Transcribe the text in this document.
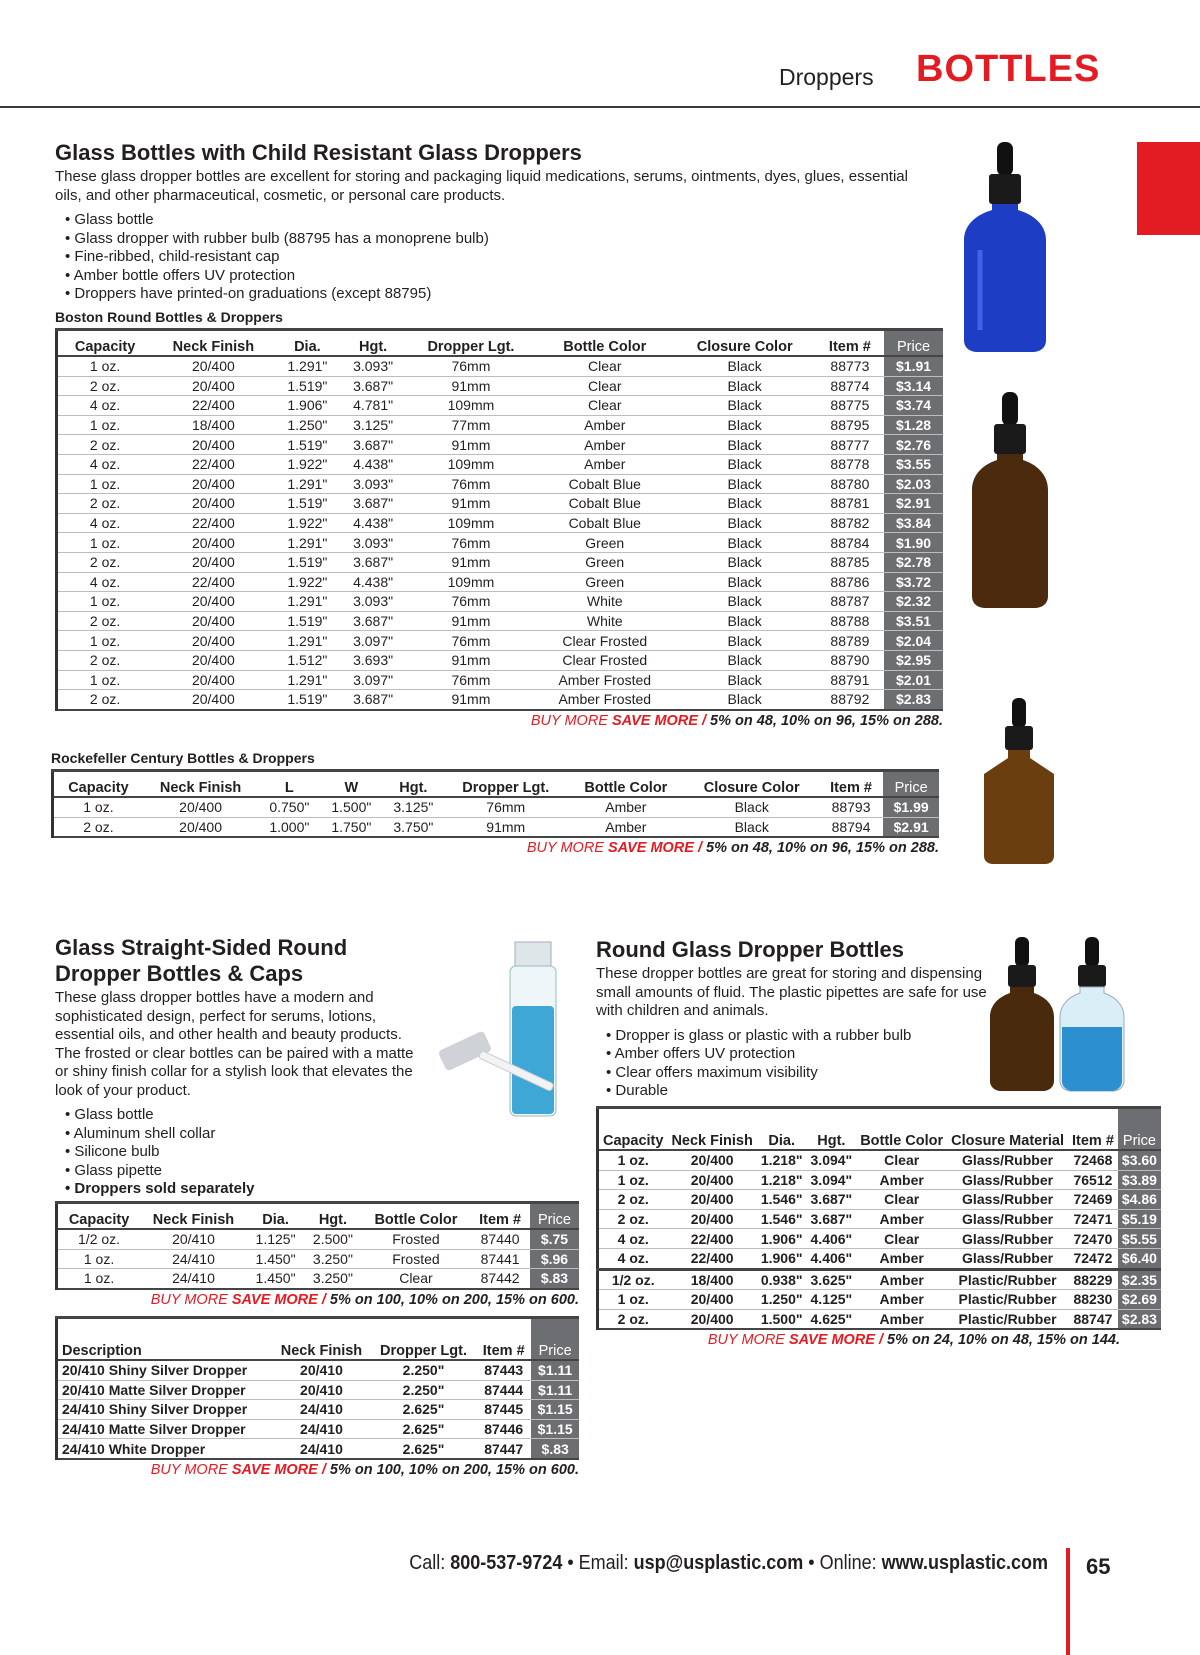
Droppers BOTTLES
Glass Bottles with Child Resistant Glass Droppers

These glass dropper bottles are excellent for storing and packaging liquid medications, serums, ointments, dyes, glues, essential oils, and other pharmaceutical, cosmetic, or personal care products.

• Glass bottle
• Glass dropper with rubber bulb (88795 has a monoprene bulb)
• Fine-ribbed, child-resistant cap
• Amber bottle offers UV protection
• Droppers have printed-on graduations (except 88795)
Boston Round Bottles & Droppers
Capacity	Neck Finish	Dia.	Hgt.	Dropper Lgt.	Bottle Color	Closure Color	Item #	Price
1 oz.	20/400	1.291"	3.093"	76mm	Clear	Black	88773	$1.91
2 oz.	20/400	1.519"	3.687"	91mm	Clear	Black	88774	$3.14
4 oz.	22/400	1.906"	4.781"	109mm	Clear	Black	88775	$3.74
1 oz.	18/400	1.250"	3.125"	77mm	Amber	Black	88795	$1.28
2 oz.	20/400	1.519"	3.687"	91mm	Amber	Black	88777	$2.76
4 oz.	22/400	1.922"	4.438"	109mm	Amber	Black	88778	$3.55
1 oz.	20/400	1.291"	3.093"	76mm	Cobalt Blue	Black	88780	$2.03
2 oz.	20/400	1.519"	3.687"	91mm	Cobalt Blue	Black	88781	$2.91
4 oz.	22/400	1.922"	4.438"	109mm	Cobalt Blue	Black	88782	$3.84
1 oz.	20/400	1.291"	3.093"	76mm	Green	Black	88784	$1.90
2 oz.	20/400	1.519"	3.687"	91mm	Green	Black	88785	$2.78
4 oz.	22/400	1.922"	4.438"	109mm	Green	Black	88786	$3.72
1 oz.	20/400	1.291"	3.093"	76mm	White	Black	88787	$2.32
2 oz.	20/400	1.519"	3.687"	91mm	White	Black	88788	$3.51
1 oz.	20/400	1.291"	3.097"	76mm	Clear Frosted	Black	88789	$2.04
2 oz.	20/400	1.512"	3.693"	91mm	Clear Frosted	Black	88790	$2.95
1 oz.	20/400	1.291"	3.097"	76mm	Amber Frosted	Black	88791	$2.01
2 oz.	20/400	1.519"	3.687"	91mm	Amber Frosted	Black	88792	$2.83
BUY MORE SAVE MORE / 5% on 48, 10% on 96, 15% on 288.
Rockefeller Century Bottles & Droppers
Capacity	Neck Finish	L	W	Hgt.	Dropper Lgt.	Bottle Color	Closure Color	Item #	Price
1 oz.	20/400	0.750"	1.500"	3.125"	76mm	Amber	Black	88793	$1.99
2 oz.	20/400	1.000"	1.750"	3.750"	91mm	Amber	Black	88794	$2.91
BUY MORE SAVE MORE / 5% on 48, 10% on 96, 15% on 288.
Glass Straight-Sided Round Dropper Bottles & Caps

These glass dropper bottles have a modern and sophisticated design, perfect for serums, lotions, essential oils, and other health and beauty products. The frosted or clear bottles can be paired with a matte or shiny finish collar for a stylish look that elevates the look of your product.

• Glass bottle
• Aluminum shell collar
• Silicone bulb
• Glass pipette
• Droppers sold separately
Capacity	Neck Finish	Dia.	Hgt.	Bottle Color	Item #	Price
1/2 oz.	20/410	1.125"	2.500"	Frosted	87440	$.75
1 oz.	24/410	1.450"	3.250"	Frosted	87441	$.96
1 oz.	24/410	1.450"	3.250"	Clear	87442	$.83
BUY MORE SAVE MORE / 5% on 100, 10% on 200, 15% on 600.
Description	Neck Finish	Dropper Lgt.	Item #	Price
20/410 Shiny Silver Dropper	20/410	2.250"	87443	$1.11
20/410 Matte Silver Dropper	20/410	2.250"	87444	$1.11
24/410 Shiny Silver Dropper	24/410	2.625"	87445	$1.15
24/410 Matte Silver Dropper	24/410	2.625"	87446	$1.15
24/410 White Dropper	24/410	2.625"	87447	$.83
BUY MORE SAVE MORE / 5% on 100, 10% on 200, 15% on 600.
Round Glass Dropper Bottles

These dropper bottles are great for storing and dispensing small amounts of fluid. The plastic pipettes are safe for use with children and animals.

• Dropper is glass or plastic with a rubber bulb
• Amber offers UV protection
• Clear offers maximum visibility
• Durable
Capacity	Neck Finish	Dia.	Hgt.	Bottle Color	Closure Material	Item #	Price
1 oz.	20/400	1.218"	3.094"	Clear	Glass/Rubber	72468	$3.60
1 oz.	20/400	1.218"	3.094"	Amber	Glass/Rubber	76512	$3.89
2 oz.	20/400	1.546"	3.687"	Clear	Glass/Rubber	72469	$4.86
2 oz.	20/400	1.546"	3.687"	Amber	Glass/Rubber	72471	$5.19
4 oz.	22/400	1.906"	4.406"	Clear	Glass/Rubber	72470	$5.55
4 oz.	22/400	1.906"	4.406"	Amber	Glass/Rubber	72472	$6.40
1/2 oz.	18/400	0.938"	3.625"	Amber	Plastic/Rubber	88229	$2.35
1 oz.	20/400	1.250"	4.125"	Amber	Plastic/Rubber	88230	$2.69
2 oz.	20/400	1.500"	4.625"	Amber	Plastic/Rubber	88747	$2.83
BUY MORE SAVE MORE / 5% on 24, 10% on 48, 15% on 144.
Call: 800-537-9724 • Email: usp@usplastic.com • Online: www.usplastic.com 65
